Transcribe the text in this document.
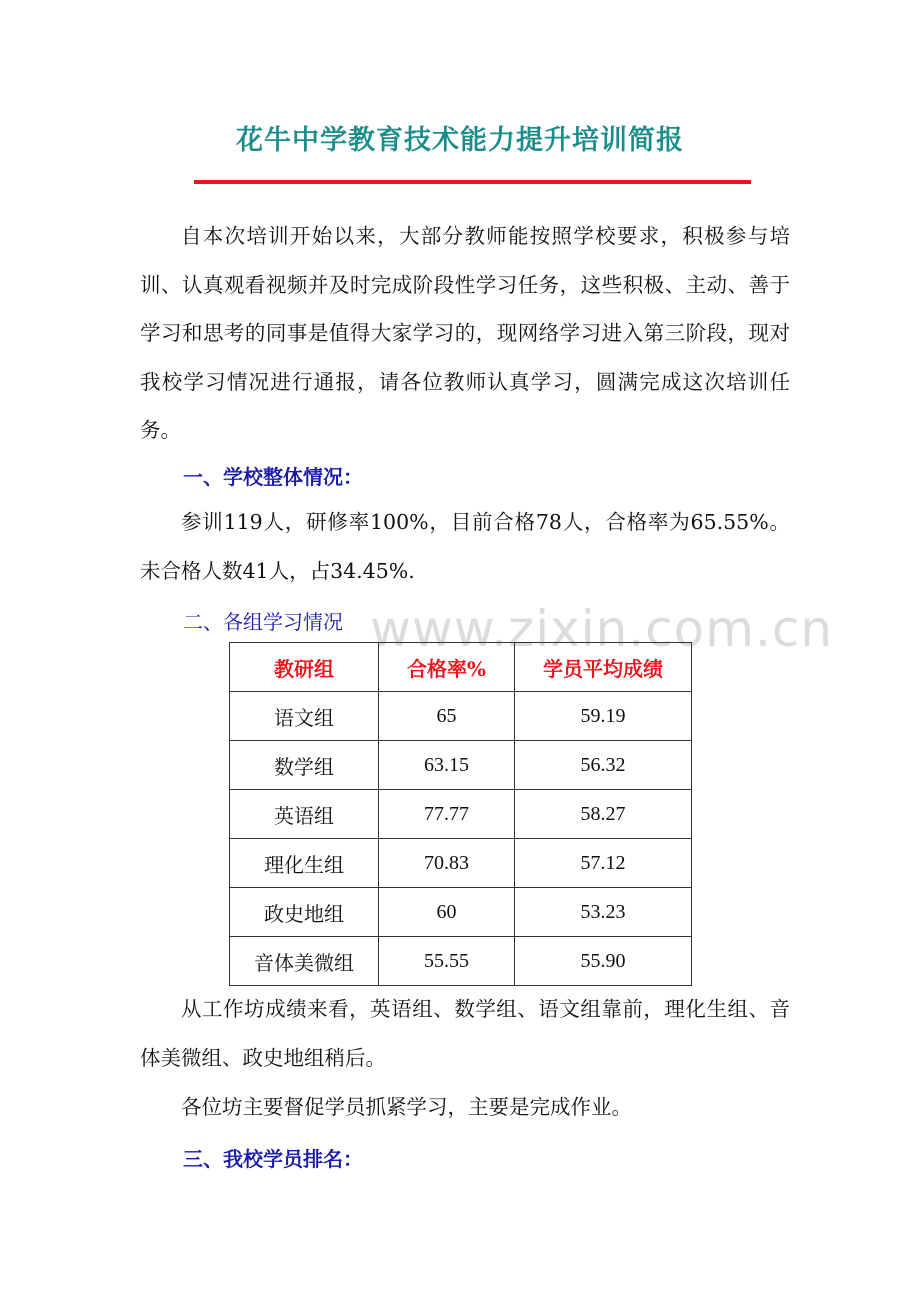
花牛中学教育技术能力提升培训简报

自本次培训开始以来，大部分教师能按照学校要求，积极参与培训、认真观看视频并及时完成阶段性学习任务，这些积极、主动、善于学习和思考的同事是值得大家学习的，现网络学习进入第三阶段，现对我校学习情况进行通报，请各位教师认真学习，圆满完成这次培训任务。

一、学校整体情况：

参训119人，研修率100%，目前合格78人，合格率为65.55%。未合格人数41人，占34.45%.

二、各组学习情况 www.zixin.com.cn
教研组	合格率%	学员平均成绩
语文组	65	59.19
数学组	63.15	56.32
英语组	77.77	58.27
理化生组	70.83	57.12
政史地组	60	53.23
音体美微组	55.55	55.90

从工作坊成绩来看，英语组、数学组、语文组靠前，理化生组、音体美微组、政史地组稍后。

各位坊主要督促学员抓紧学习，主要是完成作业。

三、我校学员排名：
